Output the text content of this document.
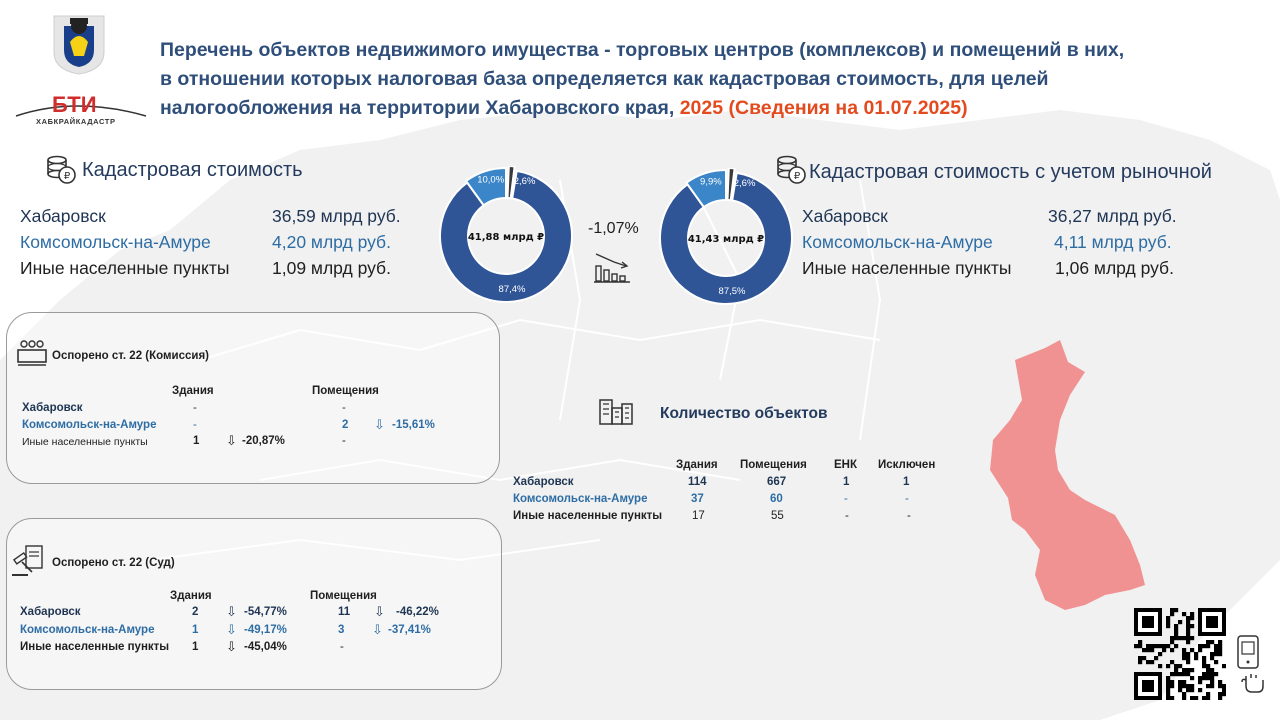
БТИ
ХАБКРАЙКАДАСТР
Перечень объектов недвижимого имущества - торговых центров (комплексов) и помещений в них,
в отношении которых налоговая база определяется как кадастровая стоимость, для целей
налогообложения на территории Хабаровского края, 2025 (Сведения на 01.07.2025)
₽ Кадастровая стоимость
Хабаровск	36,59 млрд руб.
Комсомольск-на-Амуре	4,20 млрд руб.
Иные населенные пункты 1,09 млрд руб.
87,4%
10,0% 2,6%
41,88 млрд ₽
87,5%
9,9% 2,6%
41,43 млрд ₽
-1,07%
₽ Кадастровая стоимость с учетом рыночной
Хабаровск	36,27 млрд руб.
Комсомольск-на-Амуре	4,11 млрд руб.
Иные населенные пункты 1,06 млрд руб.
Оспорено ст. 22 (Комиссия)
Здания	Помещения
Хабаровск	-	-
Комсомольск-на-Амуре	-	2 ⇩ -15,61%
Иные населенные пункты	1 ⇩ -20,87%	-
Оспорено ст. 22 (Суд)
Здания	Помещения
Хабаровск	2 ⇩ -54,77%	11 ⇩ -46,22%
Комсомольск-на-Амуре	1 ⇩ -49,17%	3 ⇩ -37,41%
Иные населенные пункты 1 ⇩ -45,04%	-
Количество объектов
Здания Помещения ЕНК Исключен
Хабаровск	114	667	1	1
Комсомольск-на-Амуре	37	60	-	-
Иные населенные пункты	17	55	-	-
